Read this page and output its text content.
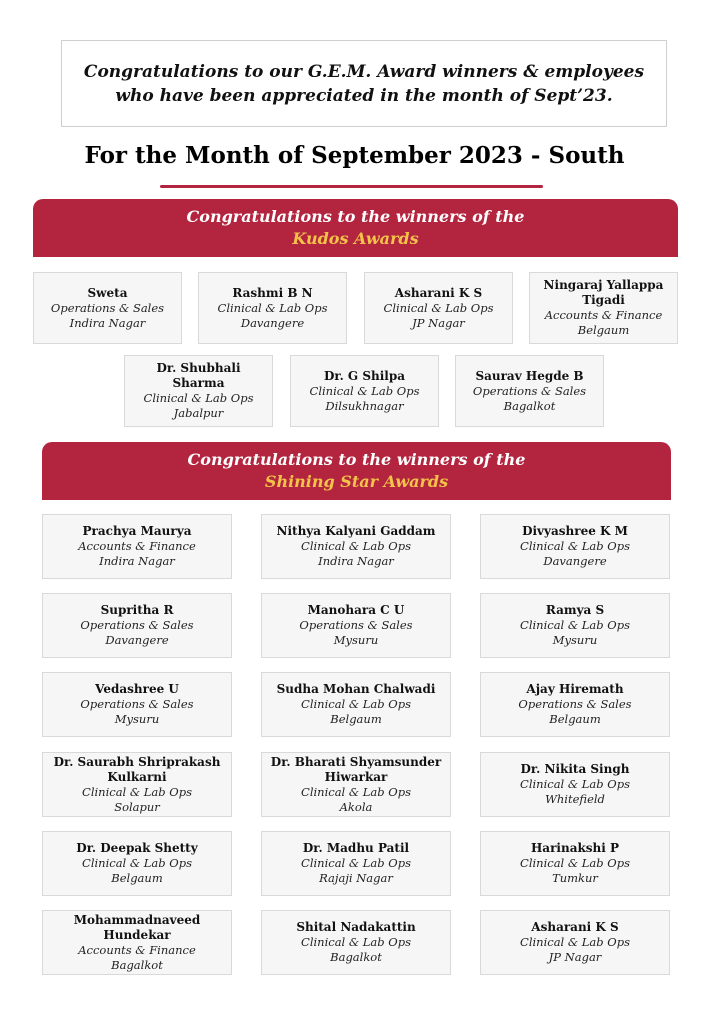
Congratulations to our G.E.M. Award winners & employees
who have been appreciated in the month of Sept’23.
For the Month of September 2023 - South
Congratulations to the winners of the
Kudos Awards
Sweta
Operations & Sales
Indira Nagar
Rashmi B N
Clinical & Lab Ops
Davangere
Asharani K S
Clinical & Lab Ops
JP Nagar
Ningaraj Yallappa Tigadi
Accounts & Finance
Belgaum
Dr. Shubhali Sharma
Clinical & Lab Ops
Jabalpur
Dr. G Shilpa
Clinical & Lab Ops
Dilsukhnagar
Saurav Hegde B
Operations & Sales
Bagalkot
Congratulations to the winners of the
Shining Star Awards
Prachya Maurya
Accounts & Finance
Indira Nagar
Nithya Kalyani Gaddam
Clinical & Lab Ops
Indira Nagar
Divyashree K M
Clinical & Lab Ops
Davangere
Supritha R
Operations & Sales
Davangere
Manohara C U
Operations & Sales
Mysuru
Ramya S
Clinical & Lab Ops
Mysuru
Vedashree U
Operations & Sales
Mysuru
Sudha Mohan Chalwadi
Clinical & Lab Ops
Belgaum
Ajay Hiremath
Operations & Sales
Belgaum
Dr. Saurabh Shriprakash Kulkarni
Clinical & Lab Ops
Solapur
Dr. Bharati Shyamsunder Hiwarkar
Clinical & Lab Ops
Akola
Dr. Nikita Singh
Clinical & Lab Ops
Whitefield
Dr. Deepak Shetty
Clinical & Lab Ops
Belgaum
Dr. Madhu Patil
Clinical & Lab Ops
Rajaji Nagar
Harinakshi P
Clinical & Lab Ops
Tumkur
Mohammadnaveed Hundekar
Accounts & Finance
Bagalkot
Shital Nadakattin
Clinical & Lab Ops
Bagalkot
Asharani K S
Clinical & Lab Ops
JP Nagar
